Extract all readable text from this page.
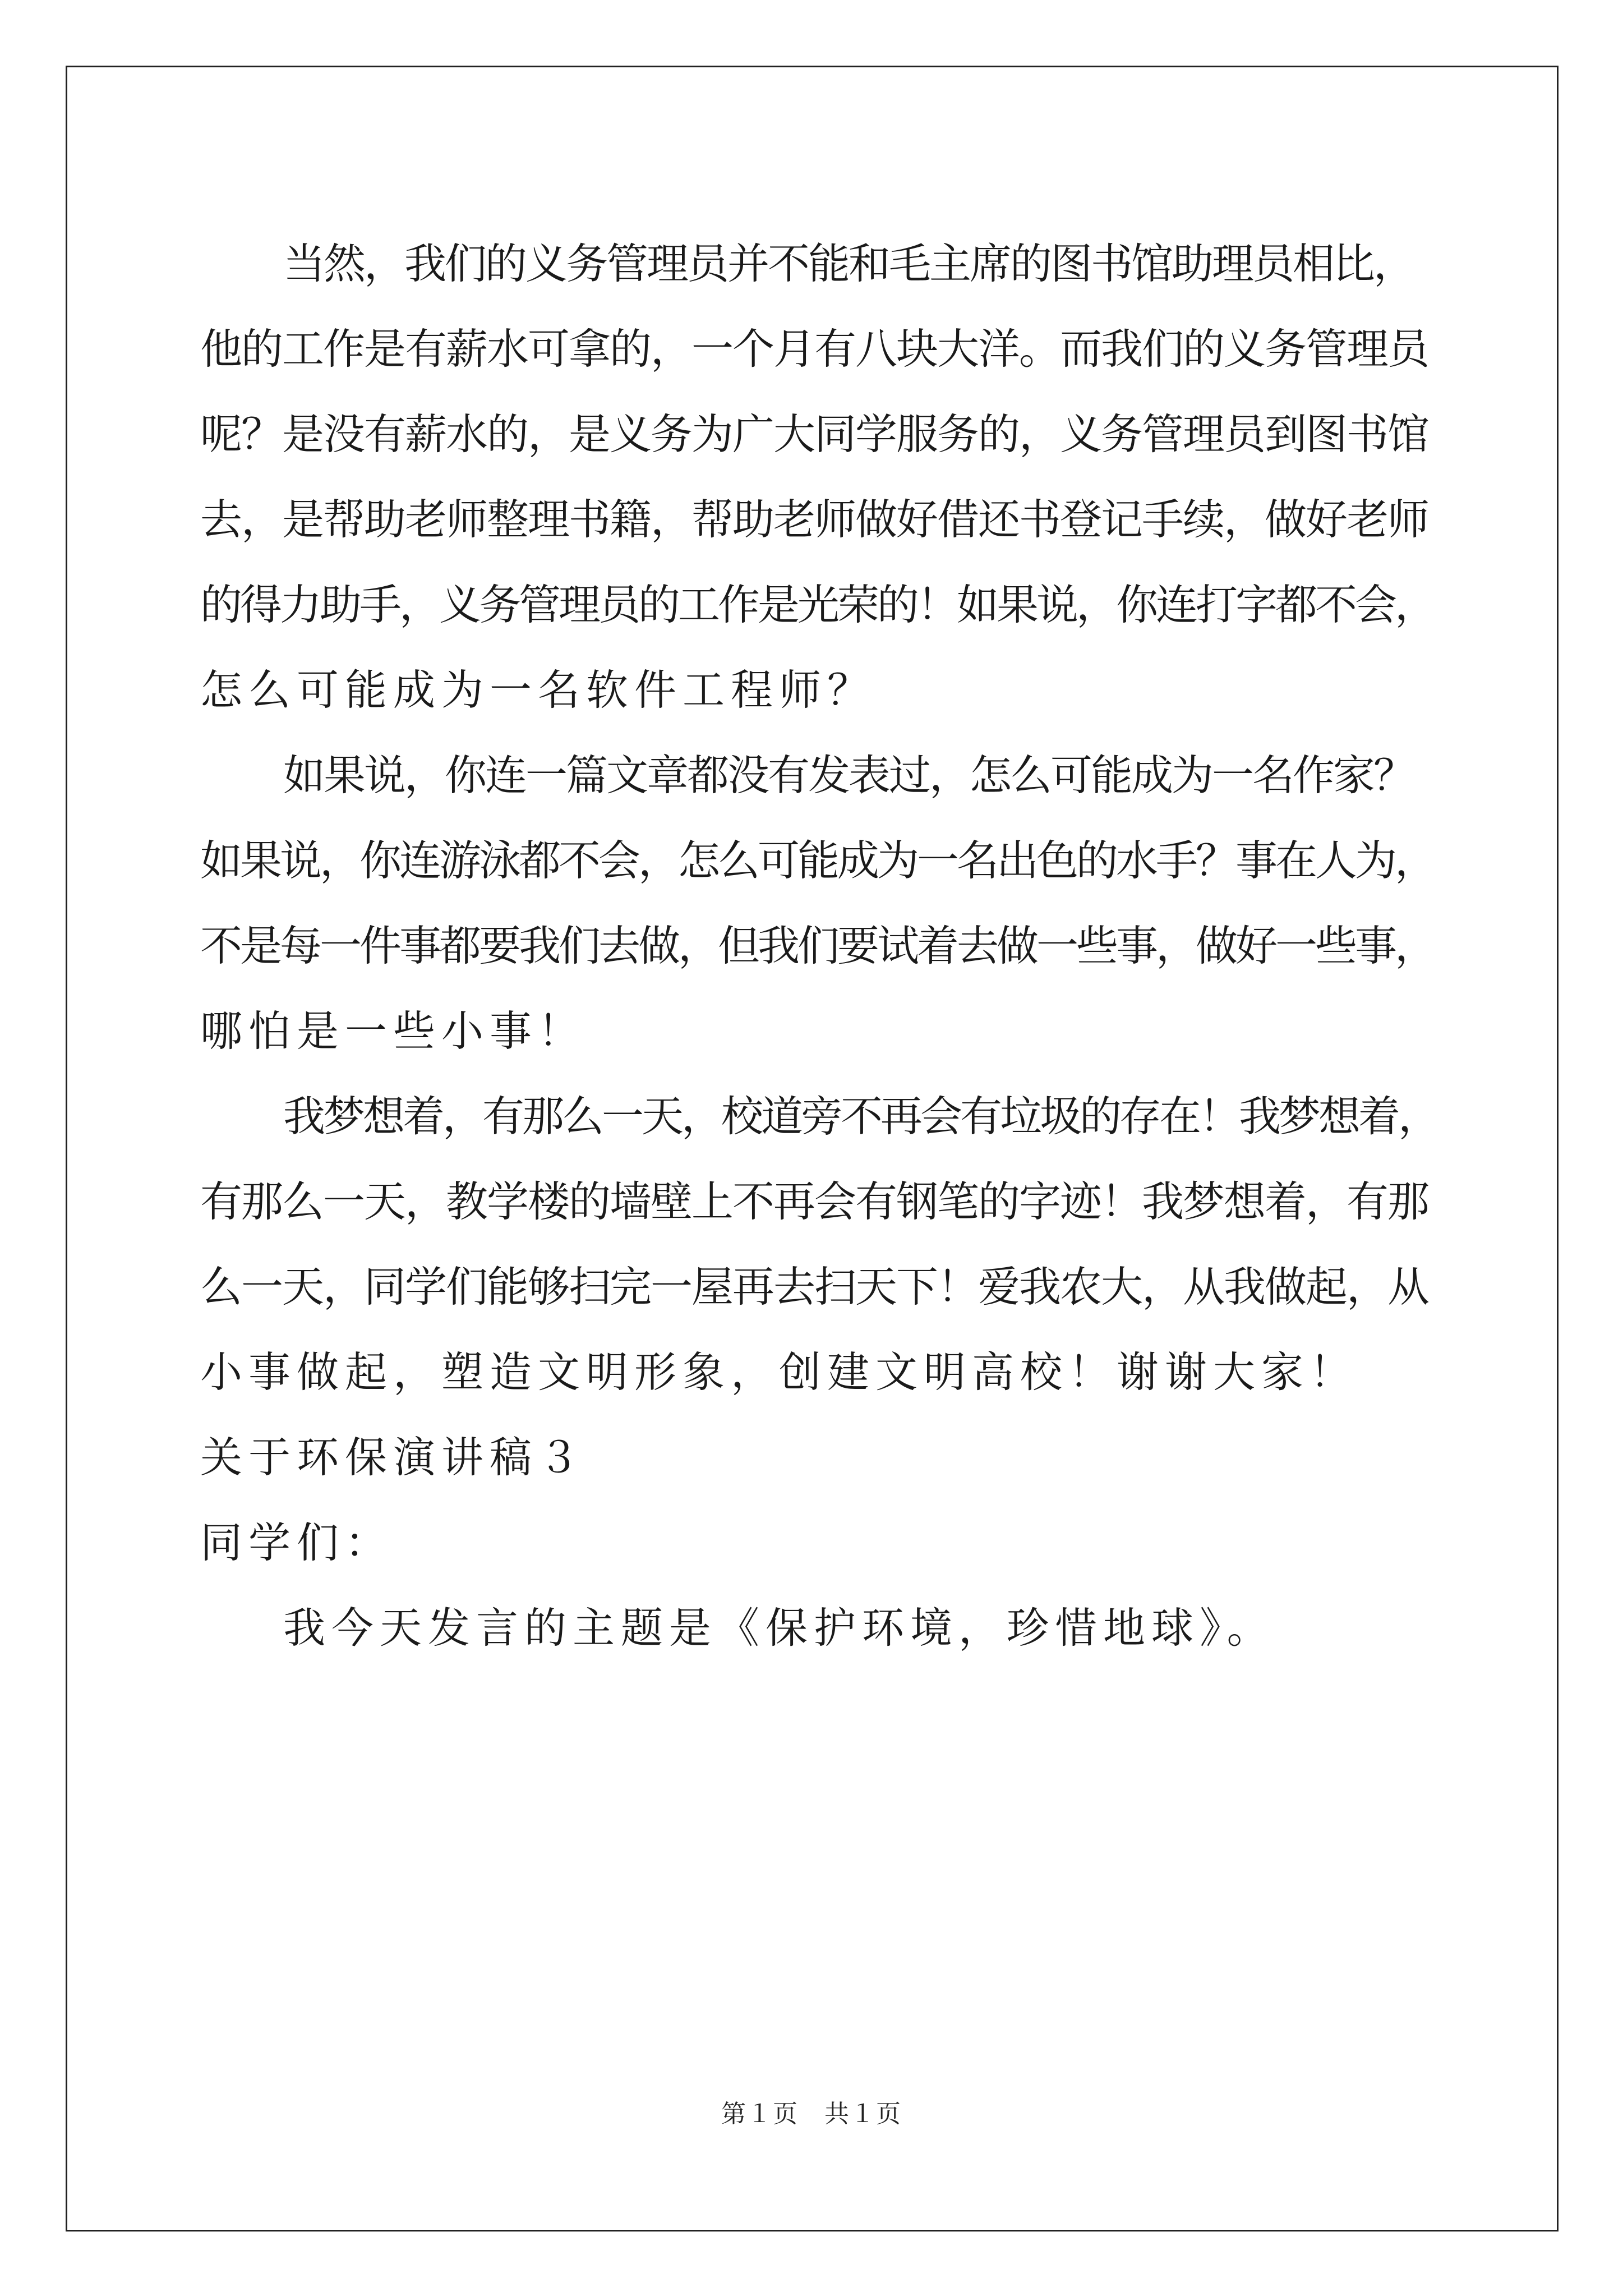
当然，我们的义务管理员并不能和毛主席的图书馆助理员相比，
他的工作是有薪水可拿的，一个月有八块大洋。而我们的义务管理员
呢？是没有薪水的，是义务为广大同学服务的，义务管理员到图书馆
去，是帮助老师整理书籍，帮助老师做好借还书登记手续，做好老师
的得力助手，义务管理员的工作是光荣的！如果说，你连打字都不会，
怎么可能成为一名软件工程师？
如果说，你连一篇文章都没有发表过，怎么可能成为一名作家？
如果说，你连游泳都不会，怎么可能成为一名出色的水手？事在人为，
不是每一件事都要我们去做，但我们要试着去做一些事，做好一些事，
哪怕是一些小事！
我梦想着，有那么一天，校道旁不再会有垃圾的存在！我梦想着，
有那么一天，教学楼的墙壁上不再会有钢笔的字迹！我梦想着，有那
么一天，同学们能够扫完一屋再去扫天下！爱我农大，从我做起，从
小事做起，塑造文明形象，创建文明高校！谢谢大家！
关于环保演讲稿３
同学们：
我今天发言的主题是《保护环境，珍惜地球》。
第１页　共１页
